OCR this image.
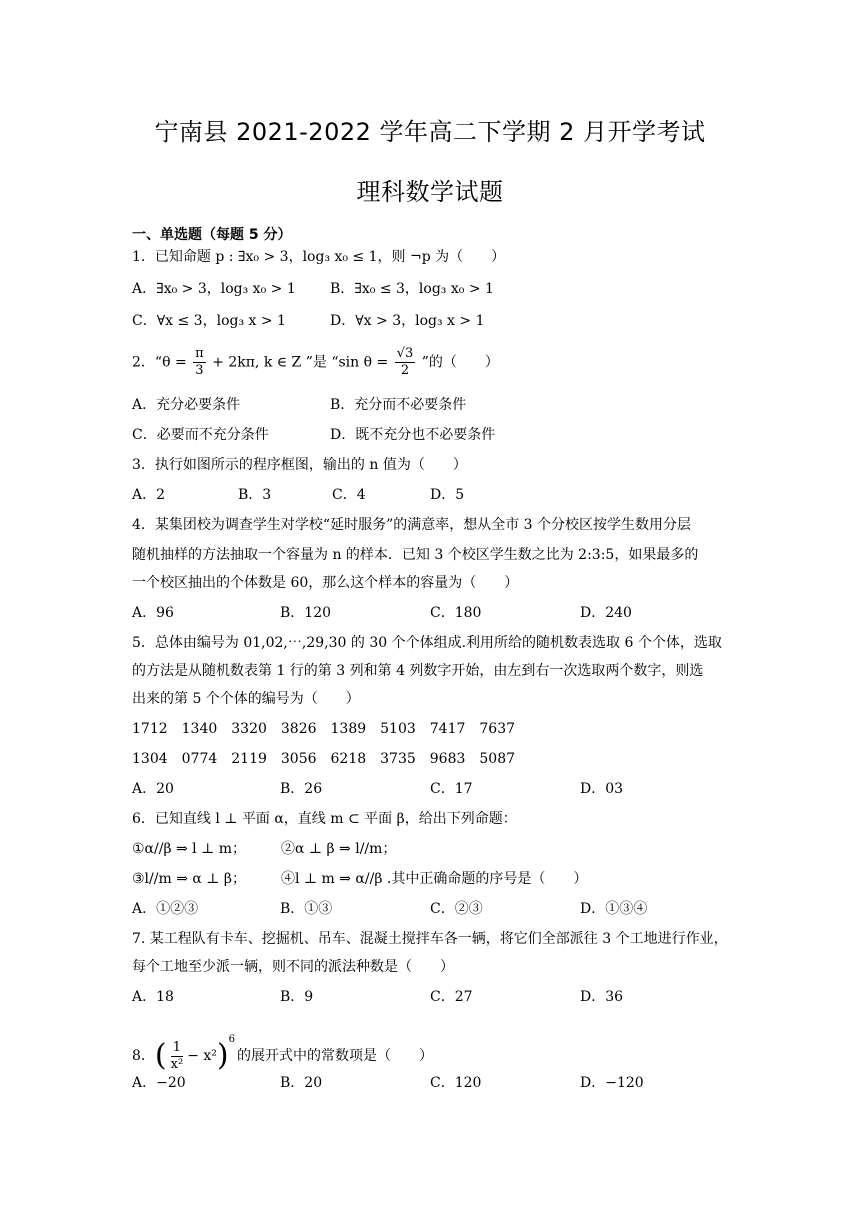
宁南县 2021-2022 学年高二下学期 2 月开学考试
理科数学试题
一、单选题（每题 5 分）
1．已知命题 p : ∃x₀ > 3，log₃ x₀ ≤ 1，则 ¬p 为（　　）
A．∃x₀ > 3，log₃ x₀ > 1 B．∃x₀ ≤ 3，log₃ x₀ > 1
C．∀x ≤ 3，log₃ x > 1	D．∀x > 3，log₃ x > 1
2．“$\theta = \frac{\pi}{3} + 2k\pi$, k ∈ Z ”是 “sin $\theta = \frac{√3}{2}$ ”的（　　）
A．充分必要条件	B．充分而不必要条件
C．必要而不充分条件	D．既不充分也不必要条件
3．执行如图所示的程序框图，输出的 n 值为（　　）
A．2	B．3	C．4	D．5
4．某集团校为调查学生对学校“延时服务”的满意率，想从全市 3 个分校区按学生数用分层
随机抽样的方法抽取一个容量为 n 的样本．已知 3 个校区学生数之比为 2:3:5，如果最多的
一个校区抽出的个体数是 60，那么这个样本的容量为（　　）
A．96	B．120	C．180	D．240
5．总体由编号为 01,02,⋯,29,30 的 30 个个体组成.利用所给的随机数表选取 6 个个体，选取
的方法是从随机数表第 1 行的第 3 列和第 4 列数字开始，由左到右一次选取两个数字，则选
出来的第 5 个个体的编号为（　　）
1712　1340　3320　3826　1389　5103　7417　7637
1304　0774　2119　3056　6218　3735　9683　5087
A．20	B．26	C．17	D．03
6．已知直线 l ⊥ 平面 α，直线 m ⊂ 平面 β，给出下列命题：
①α//β ⇒ l ⊥ m；　　　②α ⊥ β ⇒ l//m；
③l//m ⇒ α ⊥ β；　　　④l ⊥ m ⇒ α//β .其中正确命题的序号是（　　）
A．①②③	B．①③	C．②③	D．①③④
7. 某工程队有卡车、挖掘机、吊车、混凝土搅拌车各一辆，将它们全部派往 3 个工地进行作业，
每个工地至少派一辆，则不同的派法种数是（　　）
A．18	B．9	C．27	D．36
8．( $\frac{1}{\text{x²}} - x^2)^6$的展开式中的常数项是（　　）
A．−20	B．20	C．120	D．−120
